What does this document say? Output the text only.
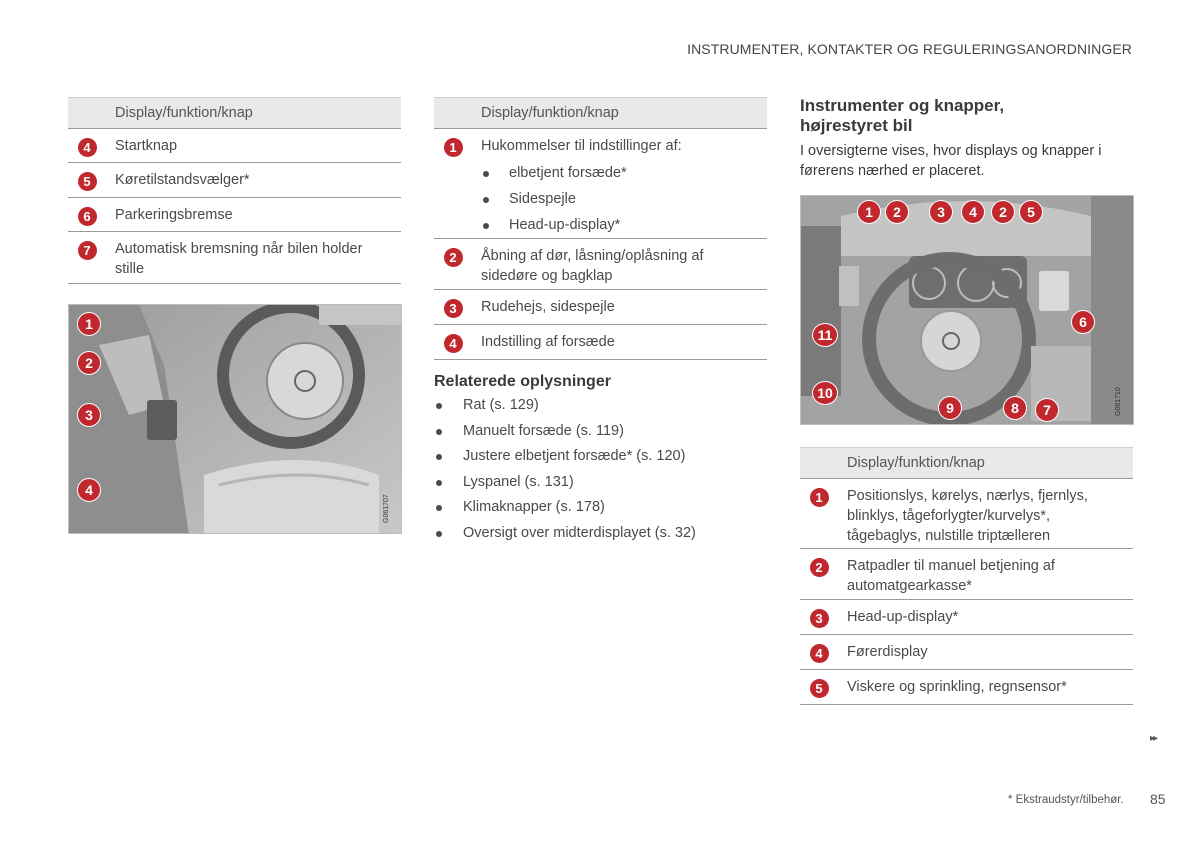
INSTRUMENTER, KONTAKTER OG REGULERINGSANORDNINGER
Display/funktion/knap
4	Startknap
5	Køretilstandsvælger*
6	Parkeringsbremse
7	Automatisk bremsning når bilen holder stille
1
2
3
4
G061707
Display/funktion/knap
1	Hukommelser til indstillinger af:
elbetjent forsæde*
Sidespejle
Head-up-display*
2	Åbning af dør, låsning/oplåsning af sidedøre og bagklap
3	Rudehejs, sidespejle
4	Indstilling af forsæde
Relaterede oplysninger
Rat (s. 129)
Manuelt forsæde (s. 119)
Justere elbetjent forsæde* (s. 120)
Lyspanel (s. 131)
Klimaknapper (s. 178)
Oversigt over midterdisplayet (s. 32)
Instrumenter og knapper,
højrestyret bil
I oversigterne vises, hvor displays og knapper i førerens nærhed er placeret.
1	2	3	4	2	5
6
7
8
9
10
11
G061710
Display/funktion/knap
1	Positionslys, kørelys, nærlys, fjernlys, blinklys, tågeforlygter/kurvelys*, tågebaglys, nulstille triptælleren
2	Ratpadler til manuel betjening af automatgearkasse*
3	Head-up-display*
4	Førerdisplay
5	Viskere og sprinkling, regnsensor*
▸▸
* Ekstraudstyr/tilbehør. 85
